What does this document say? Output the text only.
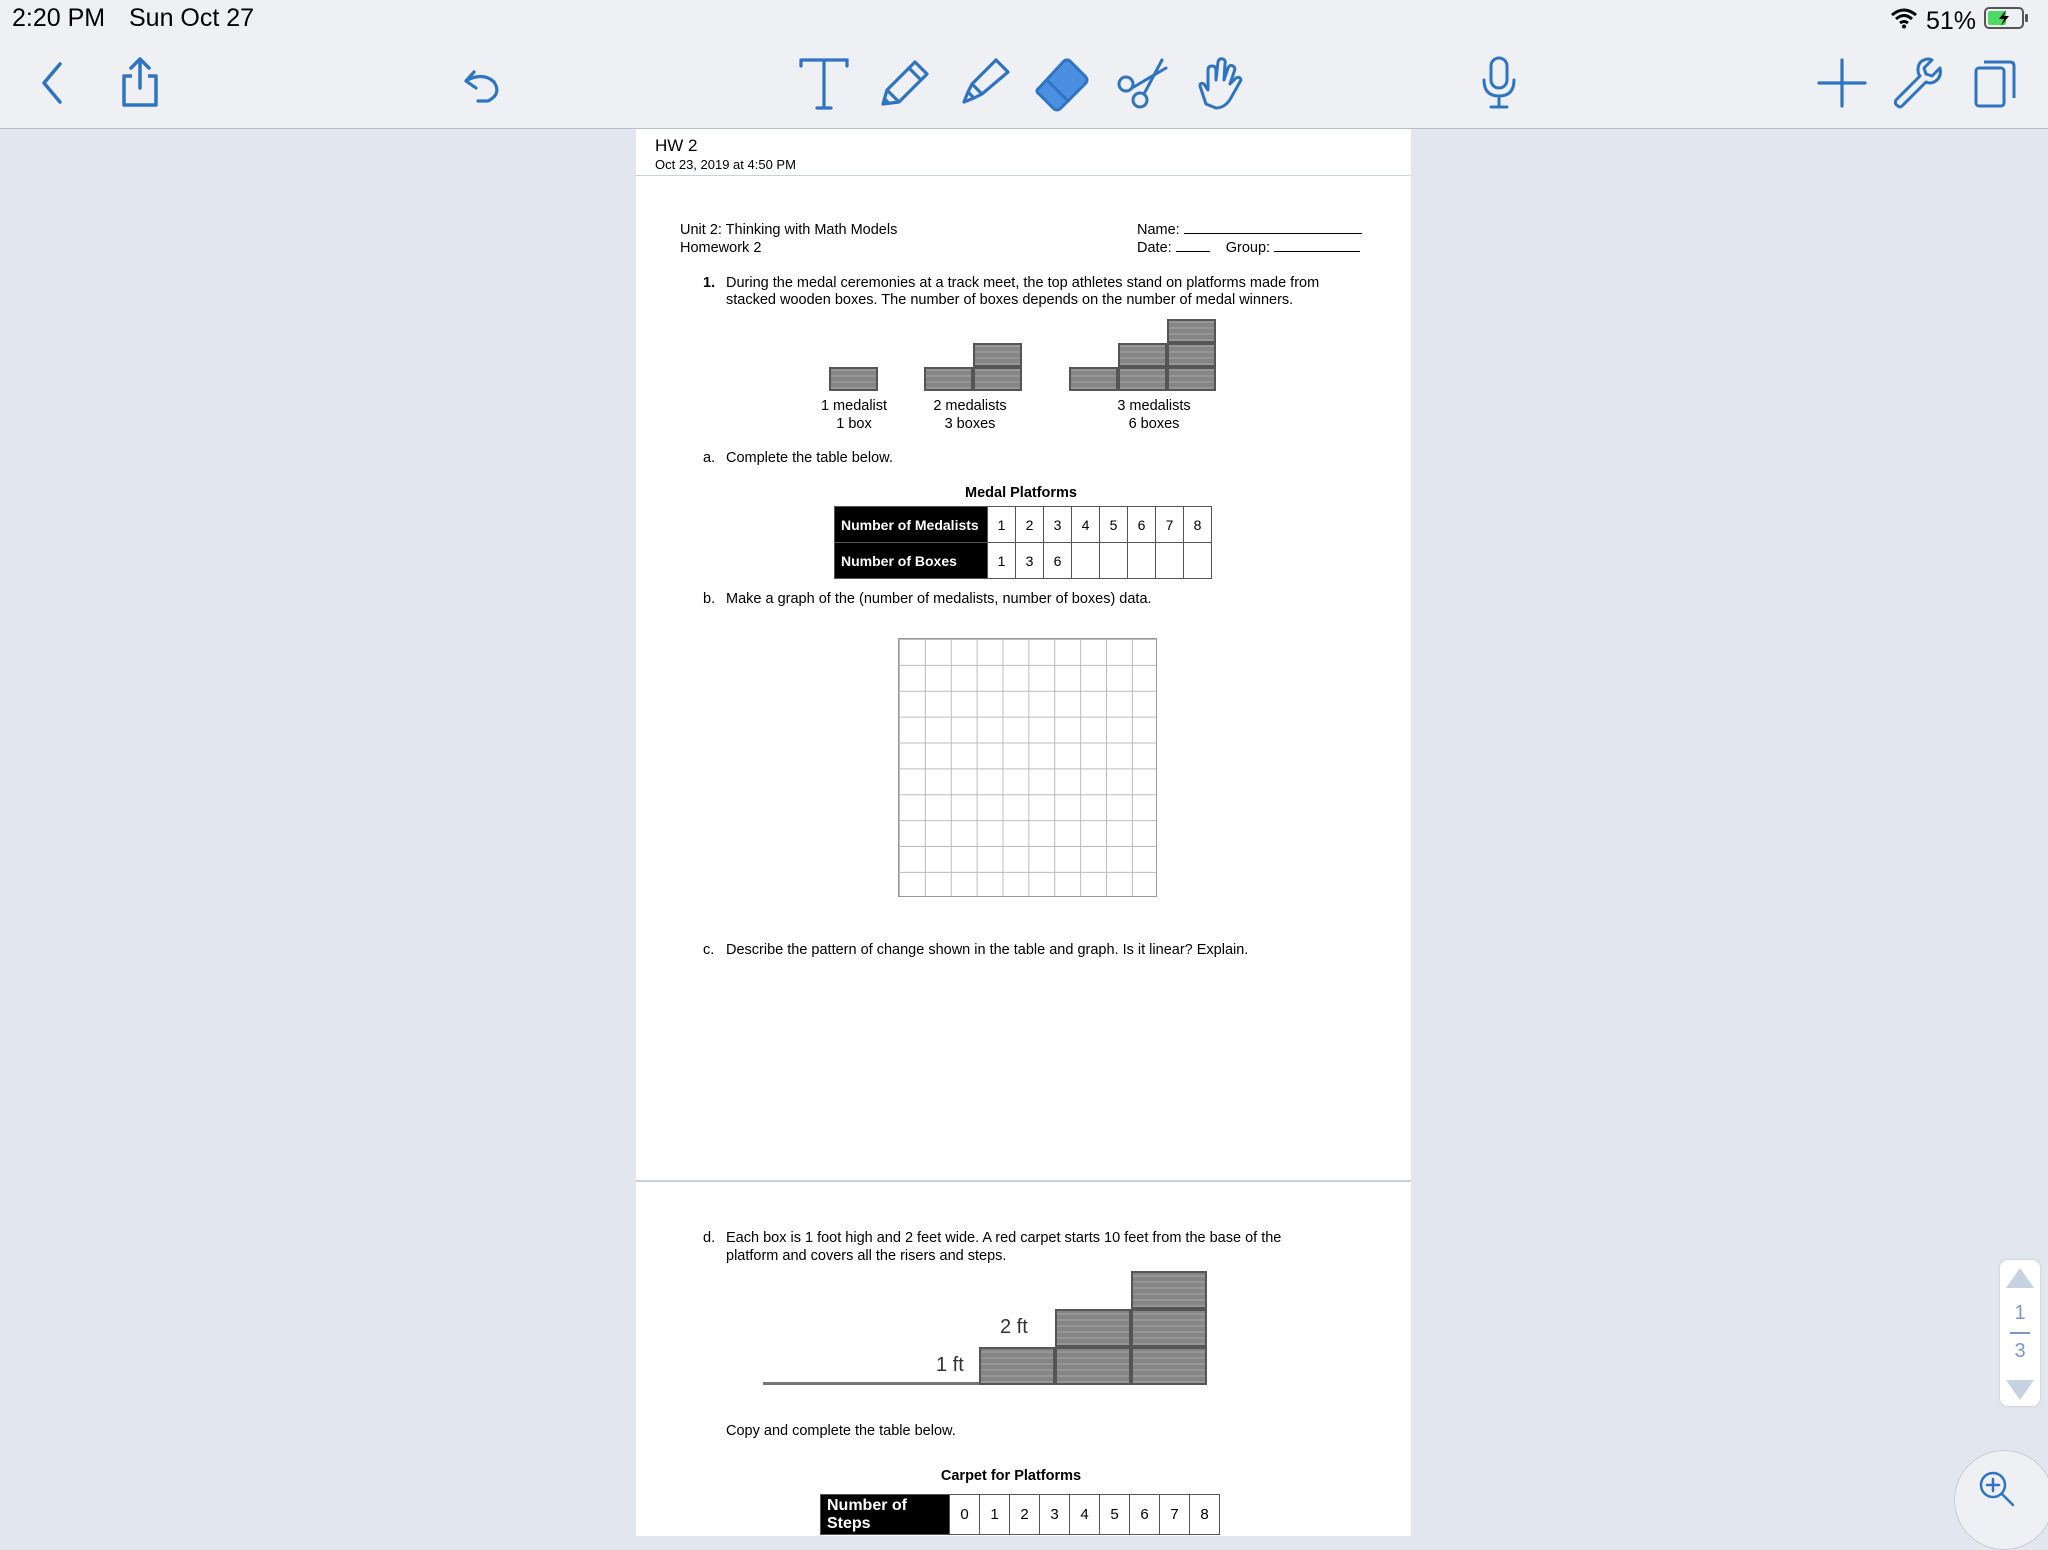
2:20 PM Sun Oct 27	51%
HW 2
Oct 23, 2019 at 4:50 PM
Unit 2: Thinking with Math Models
Homework 2
Name:
Date:	Group:
1. During the medal ceremonies at a track meet, the top athletes stand on platforms made from
stacked wooden boxes. The number of boxes depends on the number of medal winners.
1 medalist
1 box
2 medalists
3 boxes
3 medalists
6 boxes
a. Complete the table below.
Medal Platforms
Number of Medalists	1	2	3	4	5	6	7	8
Number of Boxes	1	3	6					
b. Make a graph of the (number of medalists, number of boxes) data.
c. Describe the pattern of change shown in the table and graph. Is it linear? Explain.
d. Each box is 1 foot high and 2 feet wide. A red carpet starts 10 feet from the base of the
platform and covers all the risers and steps.
2 ft
1 ft
Copy and complete the table below.
Carpet for Platforms
Number of Steps	0	1	2	3	4	5	6	7	8
1
3
